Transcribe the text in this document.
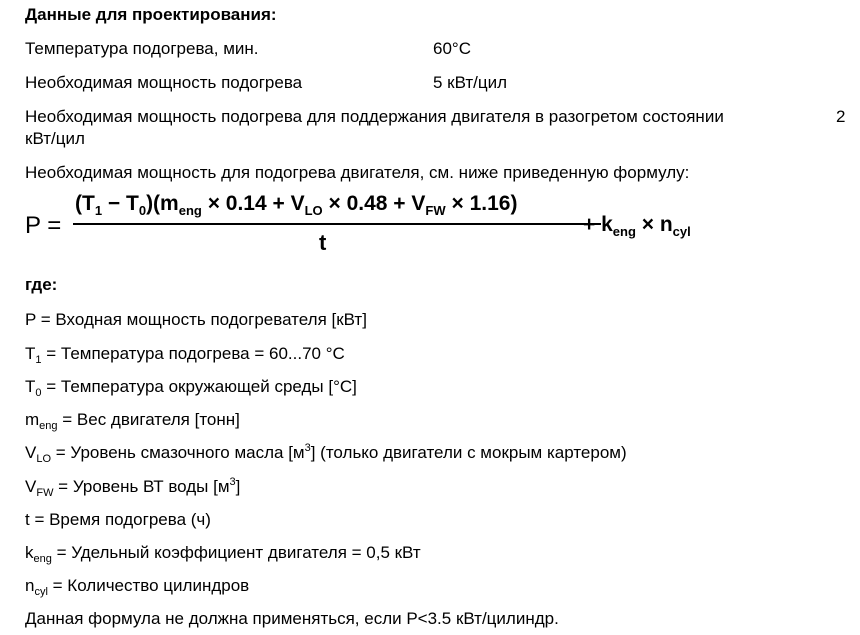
Данные для проектирования:
Температура подогрева, мин.	60°C
Необходимая мощность подогрева	5 кВт/цил
Необходимая мощность подогрева для поддержания двигателя в разогретом состоянии	2
кВт/цил
Необходимая мощность для подогрева двигателя, см. ниже приведенную формулу:
P =
$(T_1 - T_0)(m_{eng} \times 0.14 + V_{LO} \times 0.48 + V_{FW} \times 1.16)$
t
+ $k_{eng} \times n_{cyl}$
где:
P = Входная мощность подогревателя [кВт]
$T_1$ = Температура подогрева = 60...70 °C
$T_0$ = Температура окружающей среды [°C]
$m_{eng}$ = Вес двигателя [тонн]
$V_{LO}$ = Уровень смазочного масла $[м^3]$ (только двигатели с мокрым картером)
$V_{FW}$ = Уровень ВТ воды $[м^3]$
t = Время подогрева (ч)
$k_{eng}$ = Удельный коэффициент двигателя = 0,5 кВт
$n_{cyl}$ = Количество цилиндров
Данная формула не должна применяться, если P<3.5 кВт/цилиндр.
